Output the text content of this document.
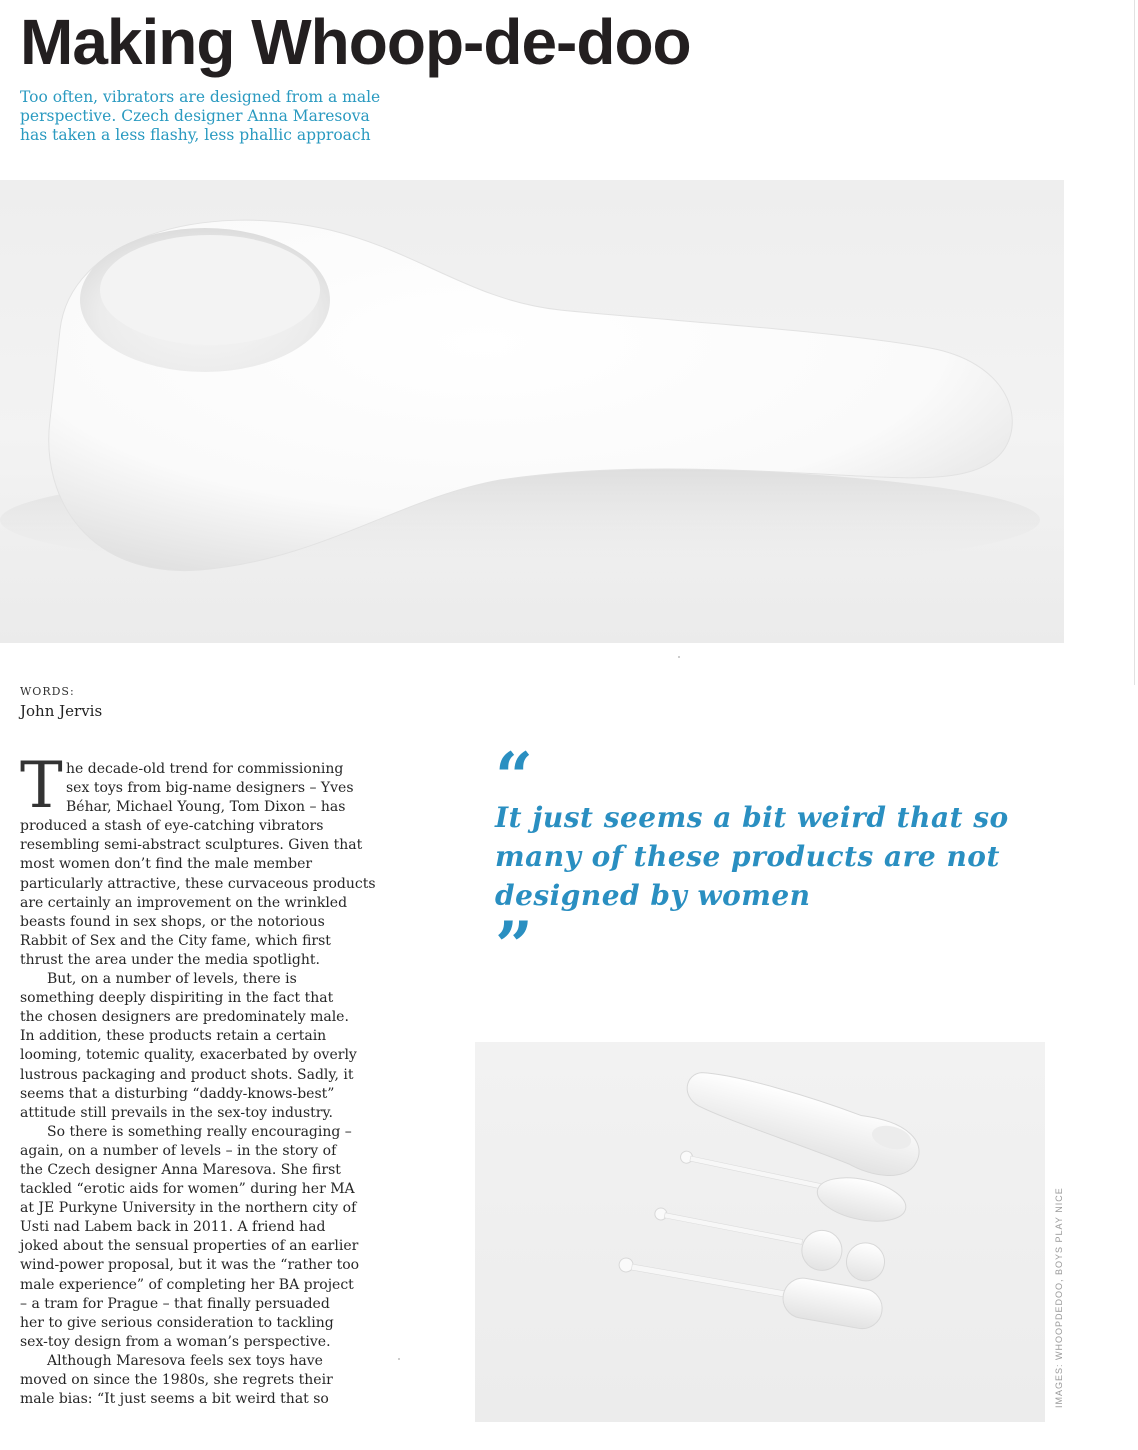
Making Whoop-de-doo
Too often, vibrators are designed from a male
perspective. Czech designer Anna Maresova
has taken a less flashy, less phallic approach
WORDS:
John Jervis
T he decade-old trend for commissioning
sex toys from big-name designers – Yves
Béhar, Michael Young, Tom Dixon – has
produced a stash of eye-catching vibrators
resembling semi-abstract sculptures. Given that
most women don’t find the male member
particularly attractive, these curvaceous products
are certainly an improvement on the wrinkled
beasts found in sex shops, or the notorious
Rabbit of Sex and the City fame, which first
thrust the area under the media spotlight.
But, on a number of levels, there is
something deeply dispiriting in the fact that
the chosen designers are predominately male.
In addition, these products retain a certain
looming, totemic quality, exacerbated by overly
lustrous packaging and product shots. Sadly, it
seems that a disturbing “daddy-knows-best”
attitude still prevails in the sex-toy industry.
So there is something really encouraging –
again, on a number of levels – in the story of
the Czech designer Anna Maresova. She first
tackled “erotic aids for women” during her MA
at JE Purkyne University in the northern city of
Usti nad Labem back in 2011. A friend had
joked about the sensual properties of an earlier
wind-power proposal, but it was the “rather too
male experience” of completing her BA project
– a tram for Prague – that finally persuaded
her to give serious consideration to tackling
sex-toy design from a woman’s perspective.
Although Maresova feels sex toys have
moved on since the 1980s, she regrets their
male bias: “It just seems a bit weird that so
“
It just seems a bit weird that so
many of these products are not
designed by women
”
IMAGES: WHOOPDEDOO, BOYS PLAY NICE
